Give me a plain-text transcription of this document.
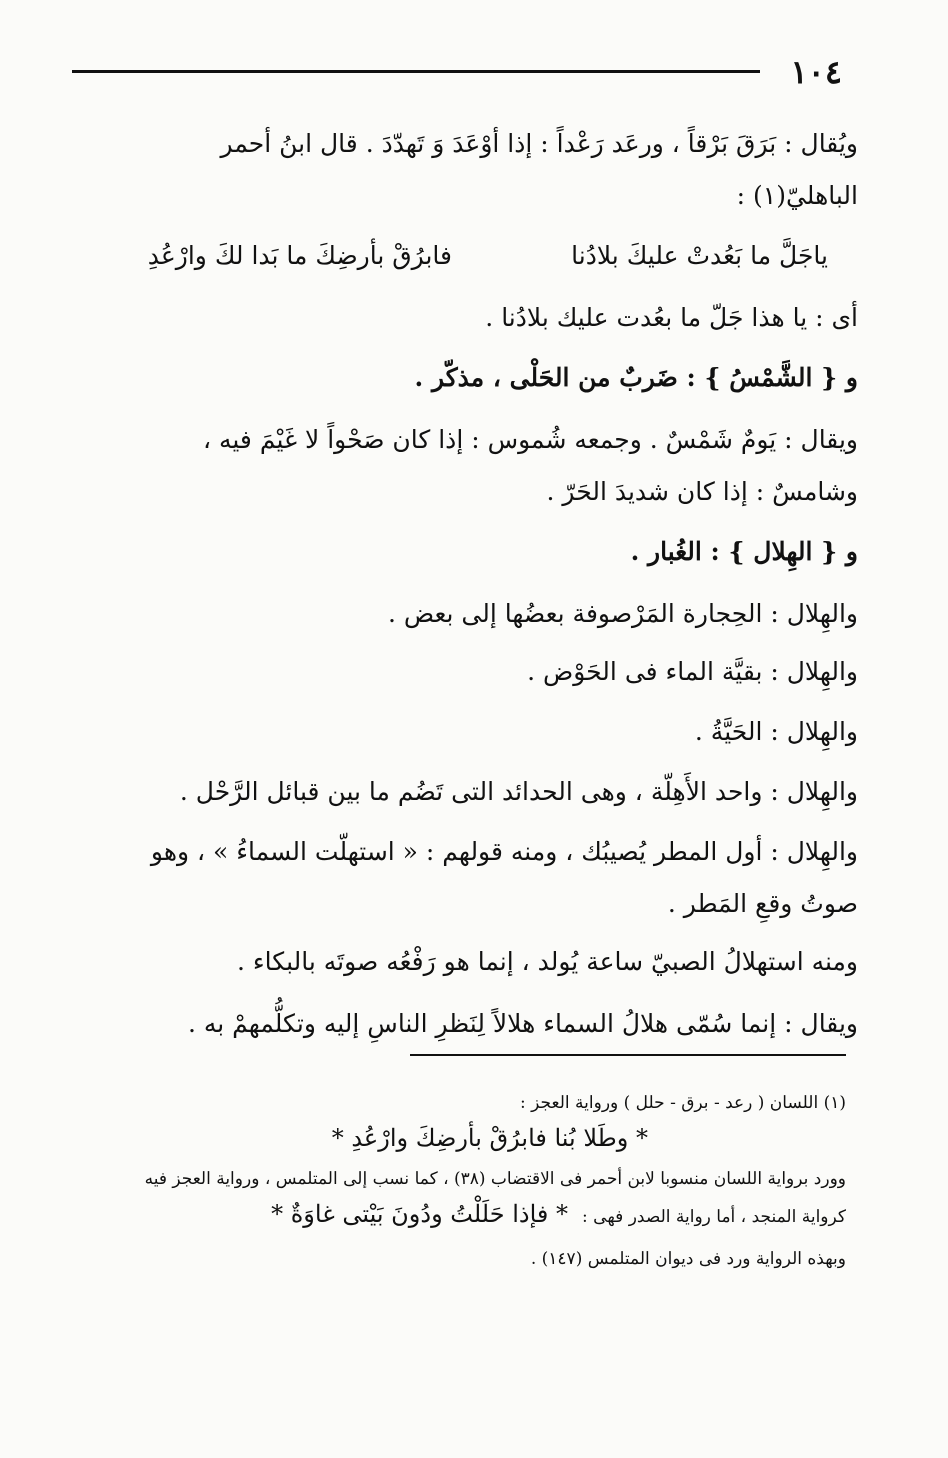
١٠٤
ويُقال : بَرَقَ بَرْقاً ، ورعَد رَعْداً : إذا أوْعَدَ وَ تَهدّدَ . قال ابنُ أحمر
الباهليّ(١) :
ياجَلَّ ما بَعُدتْ عليكَ بلادُنا
فابرُقْ بأرضِكَ ما بَدا لكَ وارْعُدِ
أى : يا هذا جَلّ ما بعُدت عليك بلادُنا .
و { الشَّمْسُ } : ضَربٌ من الحَلْى ، مذكّر .
ويقال : يَومٌ شَمْسٌ . وجمعه شُموس : إذا كان صَحْواً لا غَيْمَ فيه ،
وشامسٌ : إذا كان شديدَ الحَرّ .
و { الهِلال } : الغُبار .
والهِلال : الحِجارة المَرْصوفة بعضُها إلى بعض .
والهِلال : بقيَّة الماء فى الحَوْض .
والهِلال : الحَيَّةُ .
والهِلال : واحد الأَهِلّة ، وهى الحدائد التى تَضُم ما بين قبائل الرَّحْل .
والهِلال : أول المطر يُصيبُك ، ومنه قولهم : « استهلّت السماءُ » ، وهو
صوتُ وقعِ المَطر .
ومنه استهلالُ الصبيّ ساعة يُولد ، إنما هو رَفْعُه صوتَه بالبكاء .
ويقال : إنما سُمّى هلالُ السماء هلالاً لِنَظرِ الناسِ إليه وتكلُّمهمْ به .
(١) اللسان ( رعد - برق - حلل ) ورواية العجز :
* وطَلا بُنا فابرُقْ بأرضِكَ وارْعُدِ *
وورد برواية اللسان منسوبا لابن أحمر فى الاقتضاب (٣٨) ، كما نسب إلى المتلمس ، ورواية العجز فيه
كرواية المنجد ، أما رواية الصدر فهى :
* فإذا حَلَلْتُ ودُونَ بَيْتى غاوَةٌ *
وبهذه الرواية ورد فى ديوان المتلمس (١٤٧) .
